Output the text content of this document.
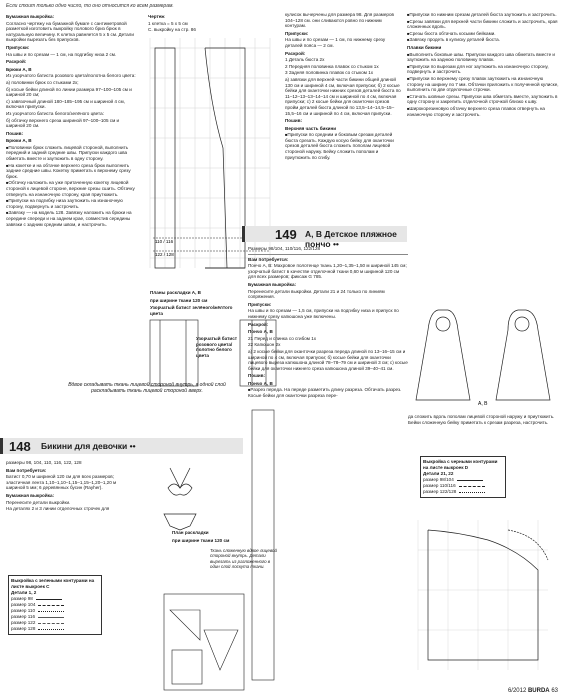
Если стоит только одно число, то оно относится ко всем размерам.

Бумажная выкройка:

Согласно чертежу на бумажной бумаге с сантиметровой разметкой изготовить выкройку полового бриз брюк в натуральную величину. К клетка равняется 5 х 5 см. Детали выкройки вырезать без припусков.

Припуски:

На швы и по срезам — 1 см, на подгибку низа 2 см.

Раскрой:

Брюки А, В

Из узорчатого батиста розового цвета/полотна белого цвета:

а) половинки брюк со стыками 2х;

б) косые бейки длиной по линии размера 97–100–105 см и шириной 20 см;

с) завязочный длиной 180–185–195 см и шириной 4 см, включая припуски.

Из узорчатого батиста белого/зелёного цвета:

б) обтачку верхнего среза шириной 97–100–105 см и шириной 20 см.

Пошив:

Брюки А, В

■ Половинки брюк сложить лицевой стороной, выполнить передний и задний средние швы. Припуски каждого шва обметать вместе и заутюжить в одну сторону.

■ На кокетке и на обтачке верхнего среза брюк выполнить задние средние швы. Кокетку приметать к верхнему срезу брюк.

■ Обтачку наложить на уже притаченную кокетку лицевой стороной к лицевой стороне, верхние срезы сшить. Обтачку отвернуть на изнаночную сторону, края приутюжить.

■ Припуски на подгибку низа заутюжить на изнаночную сторону, подвернуть и застрочить.

■ Завязку — на модель 128. Завязку наложить на брюки на середине спереди и на заднем крае, совместив середины завязки с задним средним швом, и настрочить.

Чертеж

1 клетка = 5 х 5 см

С. выкройку на стр. 86

110 / 116
122 / 128

Планы раскладки А, В

при ширине ткани 120 см

Узорчатый батист зелёного/жёлтого цвета
Узорчатый батист розового цвета/полотно белого цвета
Вдвое складывать ткань лицевой стороной внутрь, в одной слой раскладывать ткань лицевой стороной вверх.
148 Бикини для девочки ••

размеры 98, 104, 110, 116, 122, 128

Вам потребуется:

Батист 0,70 м шириной 120 см для всех размеров; эластичная лента 1,10–1,10–1,15–1,15–1,20–1,20 м шириной 5 мм; 6 деревянных бусин (Rayher).

Бумажная выкройка:

Перенесите детали выкройки.

На деталях 2 и 3 линии отделочных строчек для

Выкройка с зелеными контурами на листе выкроек С
Детали 1, 2
размер 98
размер 104
размер 110
размер 116
размер 122
размер 128

План раскладки

при ширине ткани 120 см

Ткань сложенную вдвое лицевой стороной внутрь. Детали вырезать из разложенного в один слой лоскута ткани.

кулисок вычерчены для размера 98. Для размеров 104–128 см. они сливаются ровно по нижним контурам.

Припуски:

На швы и по срезам — 1 см, по нижнему срезу деталей пояса — 2 см.

Раскрой:

1 Деталь бюста 2х

2 Передняя половинка плавок со стыком 1х

3 Задняя половинка плавок со стыком 1х

а) завязки для верхней части бикини общей длиной 130 см и шириной 4 см, включая припуски; б) 2 косые бейки для оканточки нижних срезов деталей бюста по 11–12–13–13–14–14 см и шириной по 4 см, включая припуски; с) 2 косые бейки для оканточки срезов пройм деталей бюста длиной по 13,5–14–14,5–15–15,5–16 см и шириной по 4 см, включая припуски.

Пошив:

Верхняя часть бикини

■ Припуски по средним и боковым срезам деталей бюста срезать. Каждую косую бейку для оканточки срезов деталей бюста сложить пополам лицевой стороной наружу. Бейку сложить пополам и приутюжить по сгибу.

149 А, В Детское пляжное пончо ••

Размеры 98/104, 110/116, 122/128

Вам потребуется:

Пончо А, В: Махровое полотенце ткань 1,20–1,35–1,50 м шириной 145 см; узорчатый батист в качестве отделочной ткани 0,60 м шириной 120 см для всех размеров; фиксаж G 785.

Бумажная выкройка:

Перенесите детали выкройки. Детали 21 и 24 только по линиям сопряжения.

Припуски:

На швы и по срезам — 1,5 см, припуски на подгибку низа и припуск по нижнему срезу капюшона уже включены.

Раскрой:

Пончо А, В

21 Перед и спинка со сгибом 1х

22 Капюшон 2х

а) 2 косые бейки для оканточки разреза переда длиной по 13–16–15 см и шириной по 4 см, включая припуски; б) косые бейки для оканточки лицевого выреза капюшона длиной 78–78–79 см и шириной 3 см; с) косые бейки для оканточки нижнего среза капюшона длиной 39–40–41 см.

Пошив:

Пончо А, В

■ Разрез переда. На переде разметить длину разреза. Обтачать разрез. Косые бейки для оканточки разреза пере-

■ Припуски по нижним срезам деталей бюста заутюжить и застрочить.

■ Срезы завязки для верхней части бикини сложить и застрочить, края сложенных вдоль.

■ Срезы бюста обтачать косыми бейками.

■ Завязку продеть в кулиску деталей бюста.

Плавки бикини

■ Выполнить боковые швы. Припуски каждого шва обметать вместе и заутюжить на заднюю половинку плавок.

■ Припуски по вырезам для ног заутюжить на изнаночную сторону, подвернуть и застрочить.

■ Припуски по верхнему срезу плавок заутюжить на изнаночную сторону на ширину по 7 мм. Обтачки приложить к полученной кулиске, выполнить по две отделочные строчки.

■ Стачать шовные срезы. Припуски шва обметать вместе, заутюжить в одну сторону и закрепить отделочной строчкой близко к шву.

■ Широкорезиновую обтачку верхнего среза плавок отвернуть на изнаночную сторону и застрочить.

А, В
да сложить вдоль пополам лицевой стороной наружу и приутюжить. Бейки сложенную бейку приметать к срезам разреза, настрочить.
Выкройка с черными контурами на листе выкроек D
Детали 21, 22
размер 98/104
размер 110/116
размер 122/128
6/2012 BURDA 63
